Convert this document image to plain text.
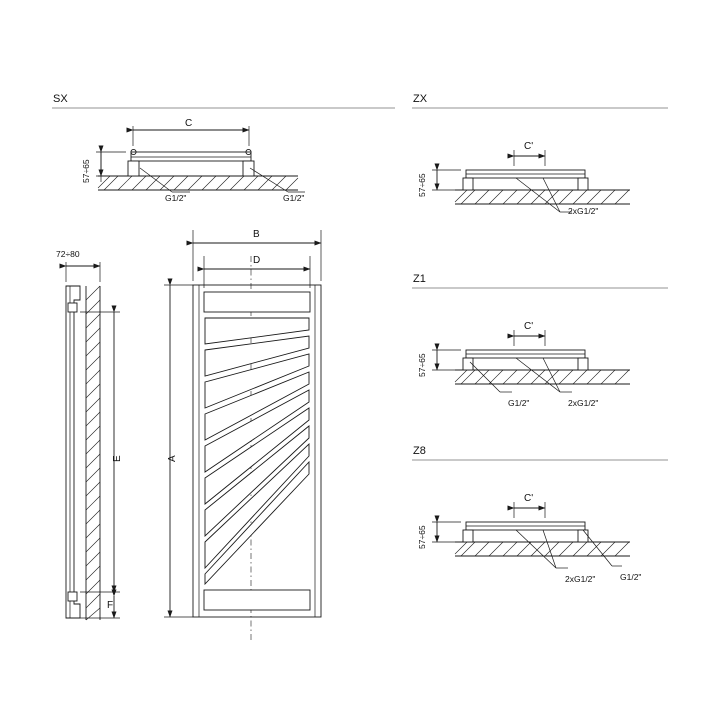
SX	ZX
Z1
Z8
C
57÷65
G1/2"	G1/2"
72÷80
E
F
B
D
A
57÷65
C'
2xG1/2"
57÷65
C'
G1/2"	2xG1/2"
57÷65
C'
2xG1/2"	G1/2"
